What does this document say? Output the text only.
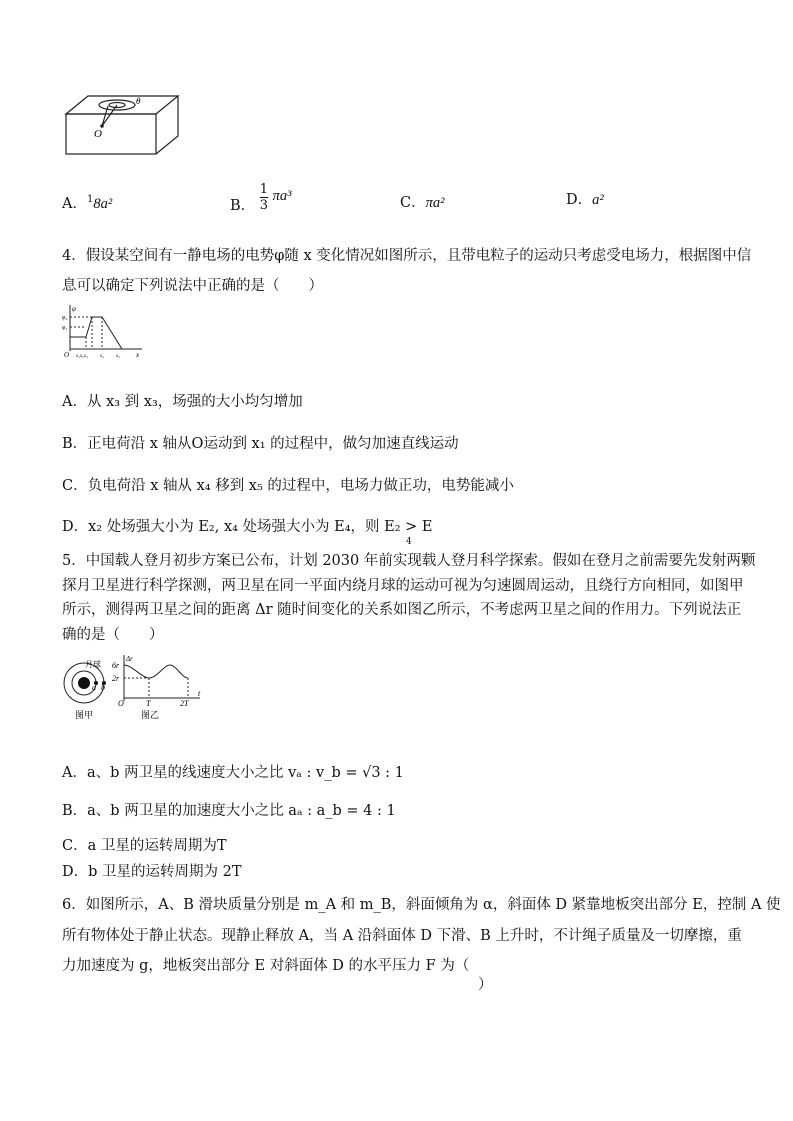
O
θ
A．$^1$8a²	B． 1

3
πa³	C．πa²	D．a²
4．假设某空间有一静电场的电势φ随 x 变化情况如图所示，且带电粒子的运动只考虑受电场力，根据图中信
息可以确定下列说法中正确的是（　　）
φ
φ₂
φ₁
O x₁x₂x₃ x₄ x₅ x
A．从 x₃ 到 x₃，场强的大小均匀增加
B．正电荷沿 x 轴从O运动到 x₁ 的过程中，做匀加速直线运动
C．负电荷沿 x 轴从 x₄ 移到 x₅ 的过程中，电场力做正功，电势能减小
D．x₂ 处场强大小为 E₂, x₄ 处场强大小为 E₄，则 E₂ > E
4
5．中国载人登月初步方案已公布，计划 2030 年前实现载人登月科学探索。假如在登月之前需要先发射两颗
探月卫星进行科学探测，两卫星在同一平面内绕月球的运动可视为匀速圆周运动，且绕行方向相同，如图甲
所示，测得两卫星之间的距离 Δr 随时间变化的关系如图乙所示，不考虑两卫星之间的作用力。下列说法正
确的是（　　）
图甲
月球
a b
Δr
6r
2r
O	T	2T
t
图乙
A．a、b 两卫星的线速度大小之比 vₐ : v_b = √3 : 1
B．a、b 两卫星的加速度大小之比 aₐ : a_b = 4 : 1
C．a 卫星的运转周期为T
D．b 卫星的运转周期为 2T
6．如图所示，A、B 滑块质量分别是 m_A 和 m_B，斜面倾角为 α，斜面体 D 紧靠地板突出部分 E，控制 A 使
所有物体处于静止状态。现静止释放 A，当 A 沿斜面体 D 下滑、B 上升时，不计绳子质量及一切摩擦，重
力加速度为 g，地板突出部分 E 对斜面体 D 的水平压力 F 为（
）
